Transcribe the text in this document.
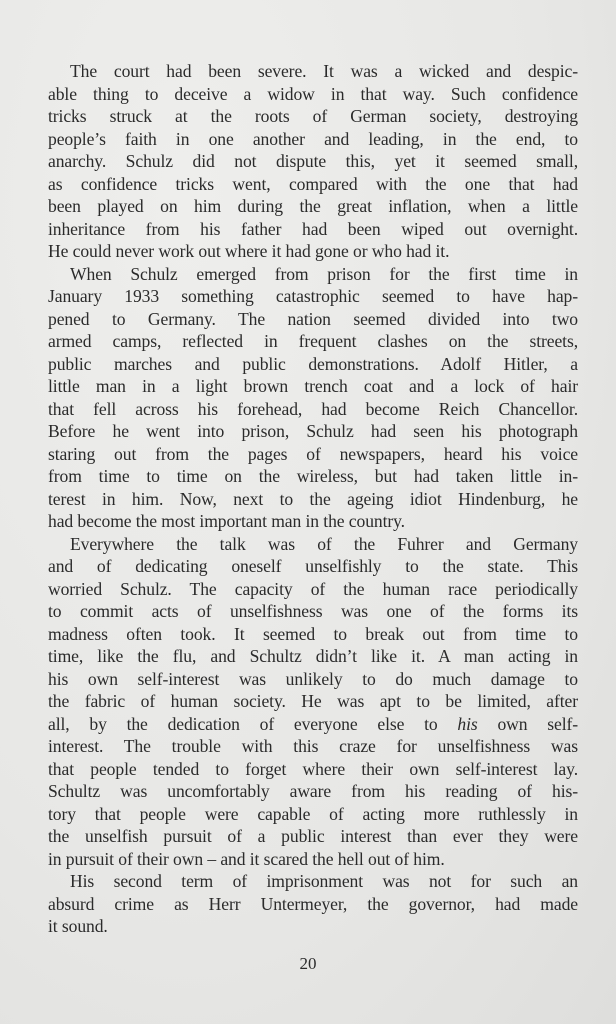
The court had been severe. It was a wicked and despic-
able thing to deceive a widow in that way. Such confidence
tricks struck at the roots of German society, destroying
people’s faith in one another and leading, in the end, to
anarchy. Schulz did not dispute this, yet it seemed small,
as confidence tricks went, compared with the one that had
been played on him during the great inflation, when a little
inheritance from his father had been wiped out overnight.
He could never work out where it had gone or who had it.
When Schulz emerged from prison for the first time in
January 1933 something catastrophic seemed to have hap-
pened to Germany. The nation seemed divided into two
armed camps, reflected in frequent clashes on the streets,
public marches and public demonstrations. Adolf Hitler, a
little man in a light brown trench coat and a lock of hair
that fell across his forehead, had become Reich Chancellor.
Before he went into prison, Schulz had seen his photograph
staring out from the pages of newspapers, heard his voice
from time to time on the wireless, but had taken little in-
terest in him. Now, next to the ageing idiot Hindenburg, he
had become the most important man in the country.
Everywhere the talk was of the Fuhrer and Germany
and of dedicating oneself unselfishly to the state. This
worried Schulz. The capacity of the human race periodically
to commit acts of unselfishness was one of the forms its
madness often took. It seemed to break out from time to
time, like the flu, and Schultz didn’t like it. A man acting in
his own self-interest was unlikely to do much damage to
the fabric of human society. He was apt to be limited, after
all, by the dedication of everyone else to his own self-
interest. The trouble with this craze for unselfishness was
that people tended to forget where their own self-interest lay.
Schultz was uncomfortably aware from his reading of his-
tory that people were capable of acting more ruthlessly in
the unselfish pursuit of a public interest than ever they were
in pursuit of their own – and it scared the hell out of him.
His second term of imprisonment was not for such an
absurd crime as Herr Untermeyer, the governor, had made
it sound.
20
